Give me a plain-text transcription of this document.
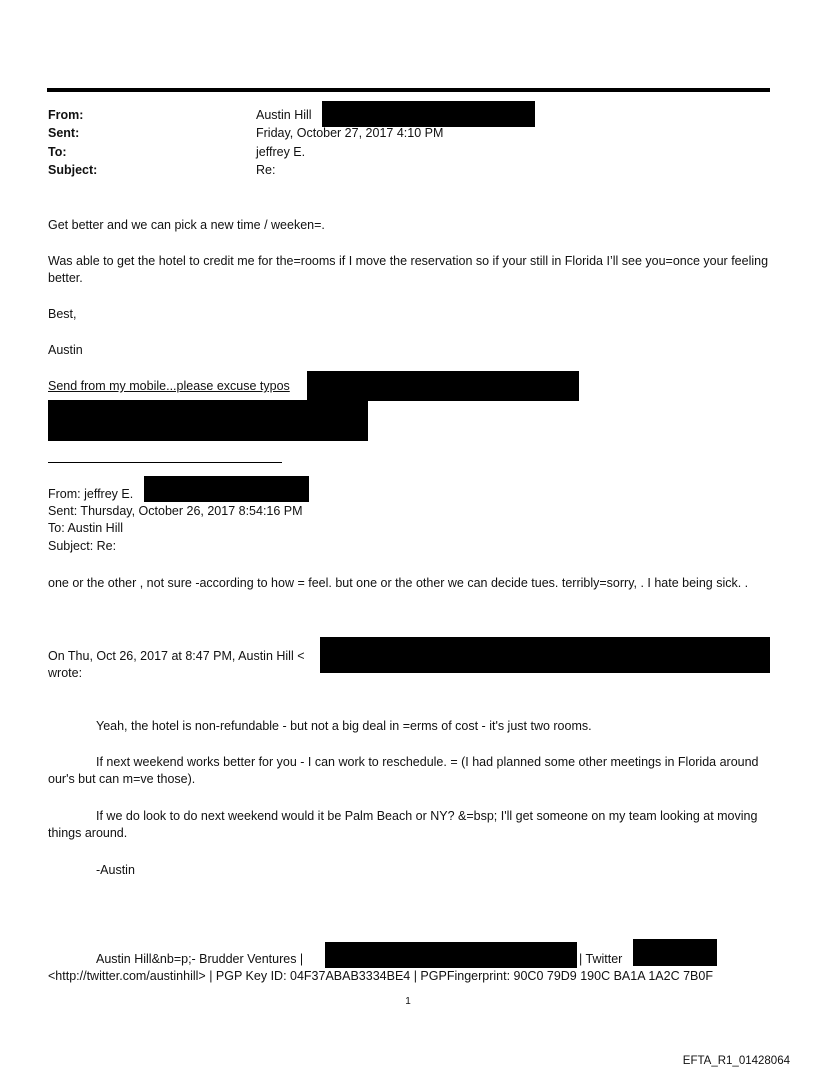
From:	Austin Hill
Sent:	Friday, October 27, 2017 4:10 PM
To:	jeffrey E.
Subject:	Re:
Get better and we can pick a new time / weeken=.
Was able to get the hotel to credit me for the=rooms if I move the reservation so if your still in Florida I’ll see you=once your feeling better.
Best,
Austin
Send from my mobile...please excuse typos
From: jeffrey E.
Sent: Thursday, October 26, 2017 8:54:16 PM
To: Austin Hill
Subject: Re:
one or the other , not sure -according to how = feel. but one or the other we can decide tues. terribly=sorry, . I hate being sick. .
On Thu, Oct 26, 2017 at 8:47 PM, Austin Hill <
wrote:
Yeah, the hotel is non-refundable - but not a big deal in =erms of cost - it's just two rooms.
If next weekend works better for you - I can work to reschedule. = (I had planned some other meetings in Florida around our's but can m=ve those).
If we do look to do next weekend would it be Palm Beach or NY? &=bsp; I'll get someone on my team looking at moving things around.
-Austin
Austin Hill&nb=p;- Brudder Ventures |	| Twitter
<http://twitter.com/austinhill> | PGP Key ID: 04F37ABAB3334BE4 | PGPFingerprint: 90C0 79D9 190C BA1A 1A2C 7B0F
1
EFTA_R1_01428064
